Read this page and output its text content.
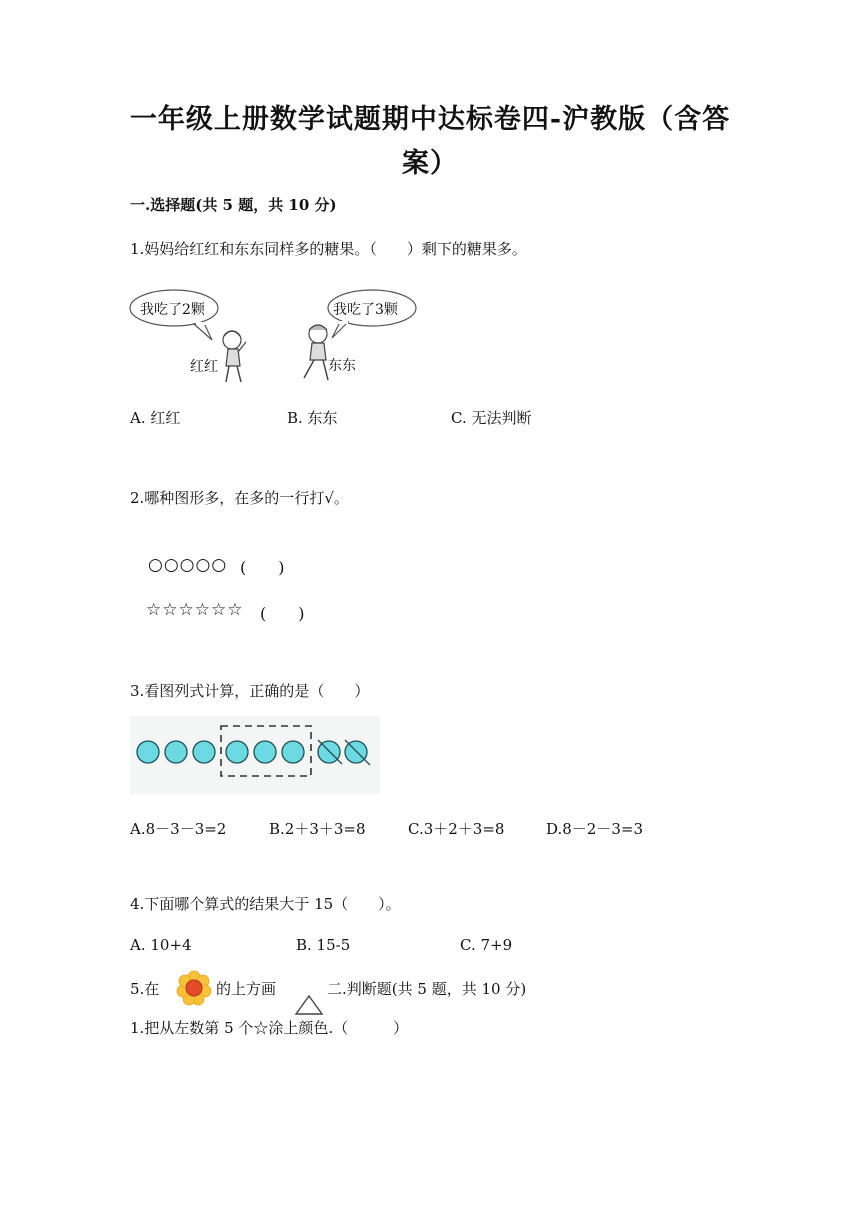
一年级上册数学试题期中达标卷四-沪教版（含答
案）
一.选择题(共 5 题，共 10 分)
1.妈妈给红红和东东同样多的糖果。（　　）剩下的糖果多。
我吃了2颗
红红
我吃了3颗
东东
A. 红红	B. 东东	C. 无法判断
2.哪种图形多，在多的一行打√。
○○○○○ (　　)
☆☆☆☆☆☆ (　　)
3.看图列式计算，正确的是（　　）
A.8－3－3=2	B.2＋3＋3=8	C.3＋2＋3=8	D.8－2－3=3
4.下面哪个算式的结果大于 15（　　）。
A. 10+4	B. 15-5	C. 7+9
5.在	的上方画	二.判断题(共 5 题，共 10 分)
1.把从左数第 5 个☆涂上颜色.（　　　）
